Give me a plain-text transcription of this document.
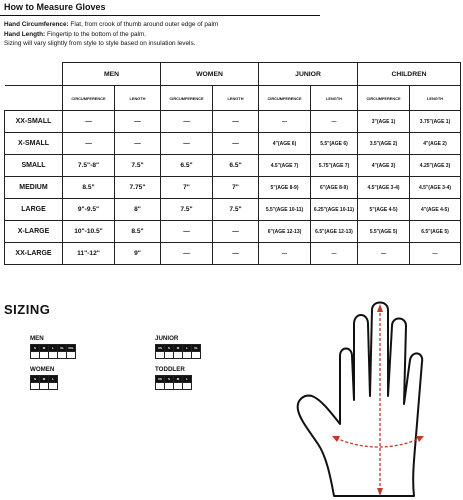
How to Measure Gloves
Hand Circumference: Flat, from crook of thumb around outer edge of palm
Hand Length: Fingertip to the bottom of the palm.
Sizing will vary slightly from style to style based on insulation levels.
	MEN		WOMEN		JUNIOR		CHILDREN	
	CIRCUMFERENCE	LENGTH	CIRCUMFERENCE	LENGTH	CIRCUMFERENCE	LENGTH	CIRCUMFERENCE	LENGTH
XX-SMALL	—	—	—	—	—	—	3"(AGE 1)	3.75"(AGE 1)
X-SMALL	—	—	—	—	4"(AGE 6)	5.5"(AGE 6)	3.5"(AGE 2)	4"(AGE 2)
SMALL	7.5"-8"	7.5"	6.5"	6.5"	4.5"(AGE 7)	5.75"(AGE 7)	4"(AGE 3)	4.25"(AGE 3)
MEDIUM	8.5"	7.75"	7"	7"	5"(AGE 8-9)	6"(AGE 8-9)	4.5"(AGE 3-4)	4.5"(AGE 3-4)
LARGE	9"-9.5"	8"	7.5"	7.5"	5.5"(AGE 10-11)	6.25"(AGE 10-11)	5"(AGE 4-5)	4"(AGE 4-5)
X-LARGE	10"-10.5"	8.5"	—	—	6"(AGE 12-13)	6.5"(AGE 12-13)	5.5"(AGE 5)	6.5"(AGE 5)
XX-LARGE	11"-12"	9"	—	—	—	—	—	—
SIZING
MEN
S	M	L	XL	2XL

WOMEN
S	M	L

JUNIOR
XS	S	M	L	XL

TODDLER
XS	S	M	L
